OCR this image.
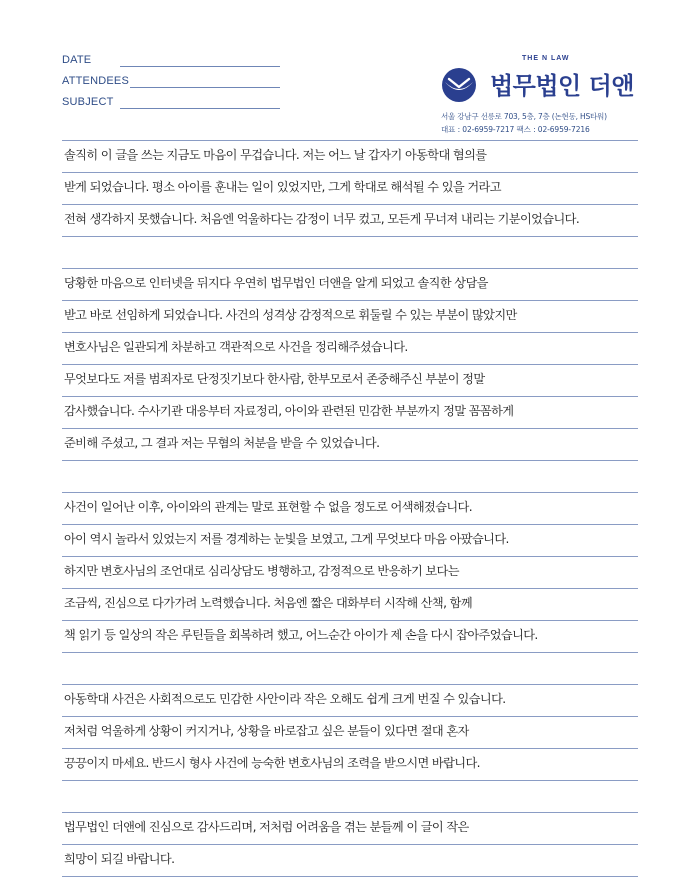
DATE
ATTENDEES
SUBJECT
THE N LAW
법무법인 더앤
서울 강남구 선릉로 703, 5층, 7층 (논현동, HS타워)
대표 : 02-6959-7217 팩스 : 02-6959-7216
솔직히 이 글을 쓰는 지금도 마음이 무겁습니다. 저는 어느 날 갑자기 아동학대 혐의를
받게 되었습니다. 평소 아이를 훈내는 일이 있었지만, 그게 학대로 해석될 수 있을 거라고
전혀 생각하지 못했습니다. 처음엔 억울하다는 감정이 너무 컸고, 모든게 무너져 내리는 기분이었습니다.
당황한 마음으로 인터넷을 뒤지다 우연히 법무법인 더앤을 알게 되었고 솔직한 상담을
받고 바로 선임하게 되었습니다. 사건의 성격상 감정적으로 휘둘릴 수 있는 부분이 많았지만
변호사님은 일관되게 차분하고 객관적으로 사건을 정리해주셨습니다.
무엇보다도 저를 범죄자로 단정짓기보다 한사람, 한부모로서 존중해주신 부분이 정말
감사했습니다. 수사기관 대응부터 자료정리, 아이와 관련된 민감한 부분까지 정말 꼼꼼하게
준비해 주셨고, 그 결과 저는 무혐의 처분을 받을 수 있었습니다.
사건이 일어난 이후, 아이와의 관계는 말로 표현할 수 없을 정도로 어색해졌습니다.
아이 역시 놀라서 있었는지 저를 경계하는 눈빛을 보였고, 그게 무엇보다 마음 아팠습니다.
하지만 변호사님의 조언대로 심리상담도 병행하고, 감정적으로 반응하기 보다는
조금씩, 진심으로 다가가려 노력했습니다. 처음엔 짧은 대화부터 시작해 산책, 함께
책 읽기 등 일상의 작은 루틴들을 회복하려 했고, 어느순간 아이가 제 손을 다시 잡아주었습니다.
아동학대 사건은 사회적으로도 민감한 사안이라 작은 오해도 쉽게 크게 번질 수 있습니다.
저처럼 억울하게 상황이 커지거나, 상황을 바로잡고 싶은 분들이 있다면 절대 혼자
끙끙이지 마세요. 반드시 형사 사건에 능숙한 변호사님의 조력을 받으시면 바랍니다.
법무법인 더앤에 진심으로 감사드리며, 저처럼 어려움을 겪는 분들께 이 글이 작은
희망이 되길 바랍니다.
